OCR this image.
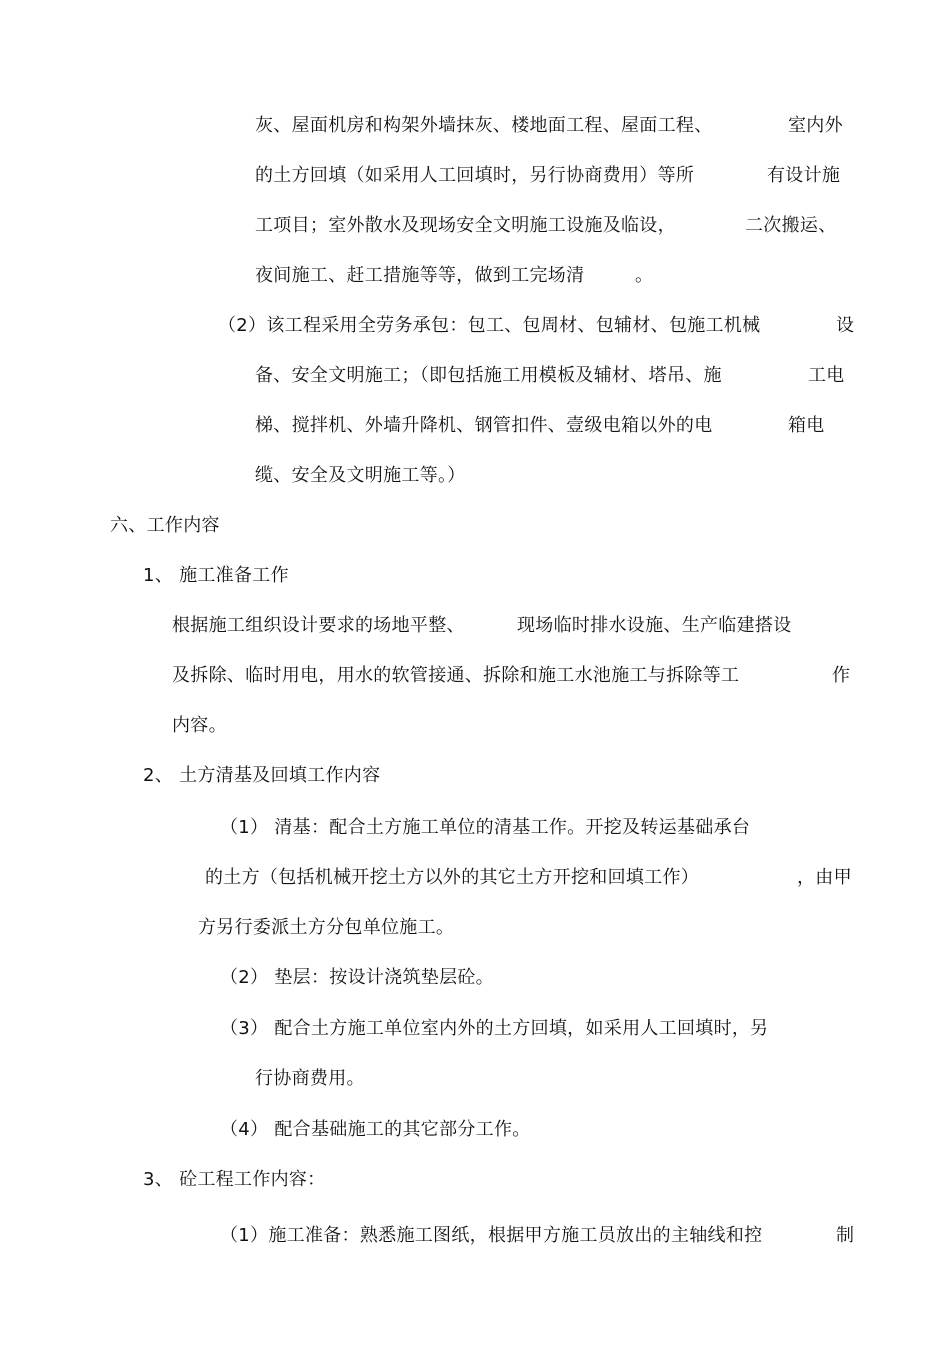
灰、屋面机房和构架外墙抹灰、楼地面工程、屋面工程、	室内外
的土方回填（如采用人工回填时，另行协商费用）等所	有设计施
工项目；室外散水及现场安全文明施工设施及临设，	二次搬运、
夜间施工、赶工措施等等，做到工完场清	。
（2）该工程采用全劳务承包：包工、包周材、包辅材、包施工机械	设
备、安全文明施工；（即包括施工用模板及辅材、塔吊、施	工电
梯、搅拌机、外墙升降机、钢管扣件、壹级电箱以外的电	箱电
缆、安全及文明施工等。）
六、工作内容
1、 施工准备工作
根据施工组织设计要求的场地平整、	现场临时排水设施、生产临建搭设
及拆除、临时用电，用水的软管接通、拆除和施工水池施工与拆除等工	作
内容。
2、 土方清基及回填工作内容
（1） 清基：配合土方施工单位的清基工作。开挖及转运基础承台
的土方（包括机械开挖土方以外的其它土方开挖和回填工作）	，由甲
方另行委派土方分包单位施工。
（2） 垫层：按设计浇筑垫层砼。
（3） 配合土方施工单位室内外的土方回填，如采用人工回填时，另
行协商费用。
（4） 配合基础施工的其它部分工作。
3、 砼工程工作内容：
（1）施工准备：熟悉施工图纸，根据甲方施工员放出的主轴线和控	制
